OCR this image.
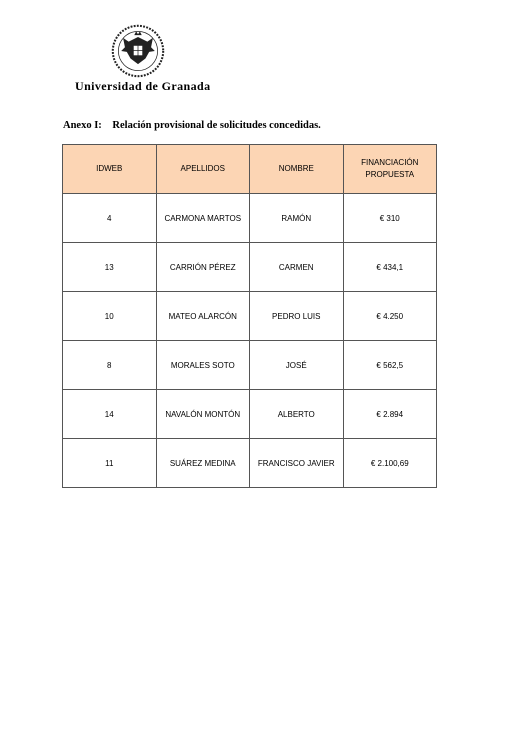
Universidad de Granada
Anexo I: Relación provisional de solicitudes concedidas.
IDWEB	APELLIDOS	NOMBRE	FINANCIACIÓN PROPUESTA
4	CARMONA MARTOS	RAMÓN	€ 310
13	CARRIÓN PÉREZ	CARMEN	€ 434,1
10	MATEO ALARCÓN	PEDRO LUIS	€ 4.250
8	MORALES SOTO	JOSÉ	€ 562,5
14	NAVALÓN MONTÓN	ALBERTO	€ 2.894
11	SUÁREZ MEDINA	FRANCISCO JAVIER	€ 2.100,69
